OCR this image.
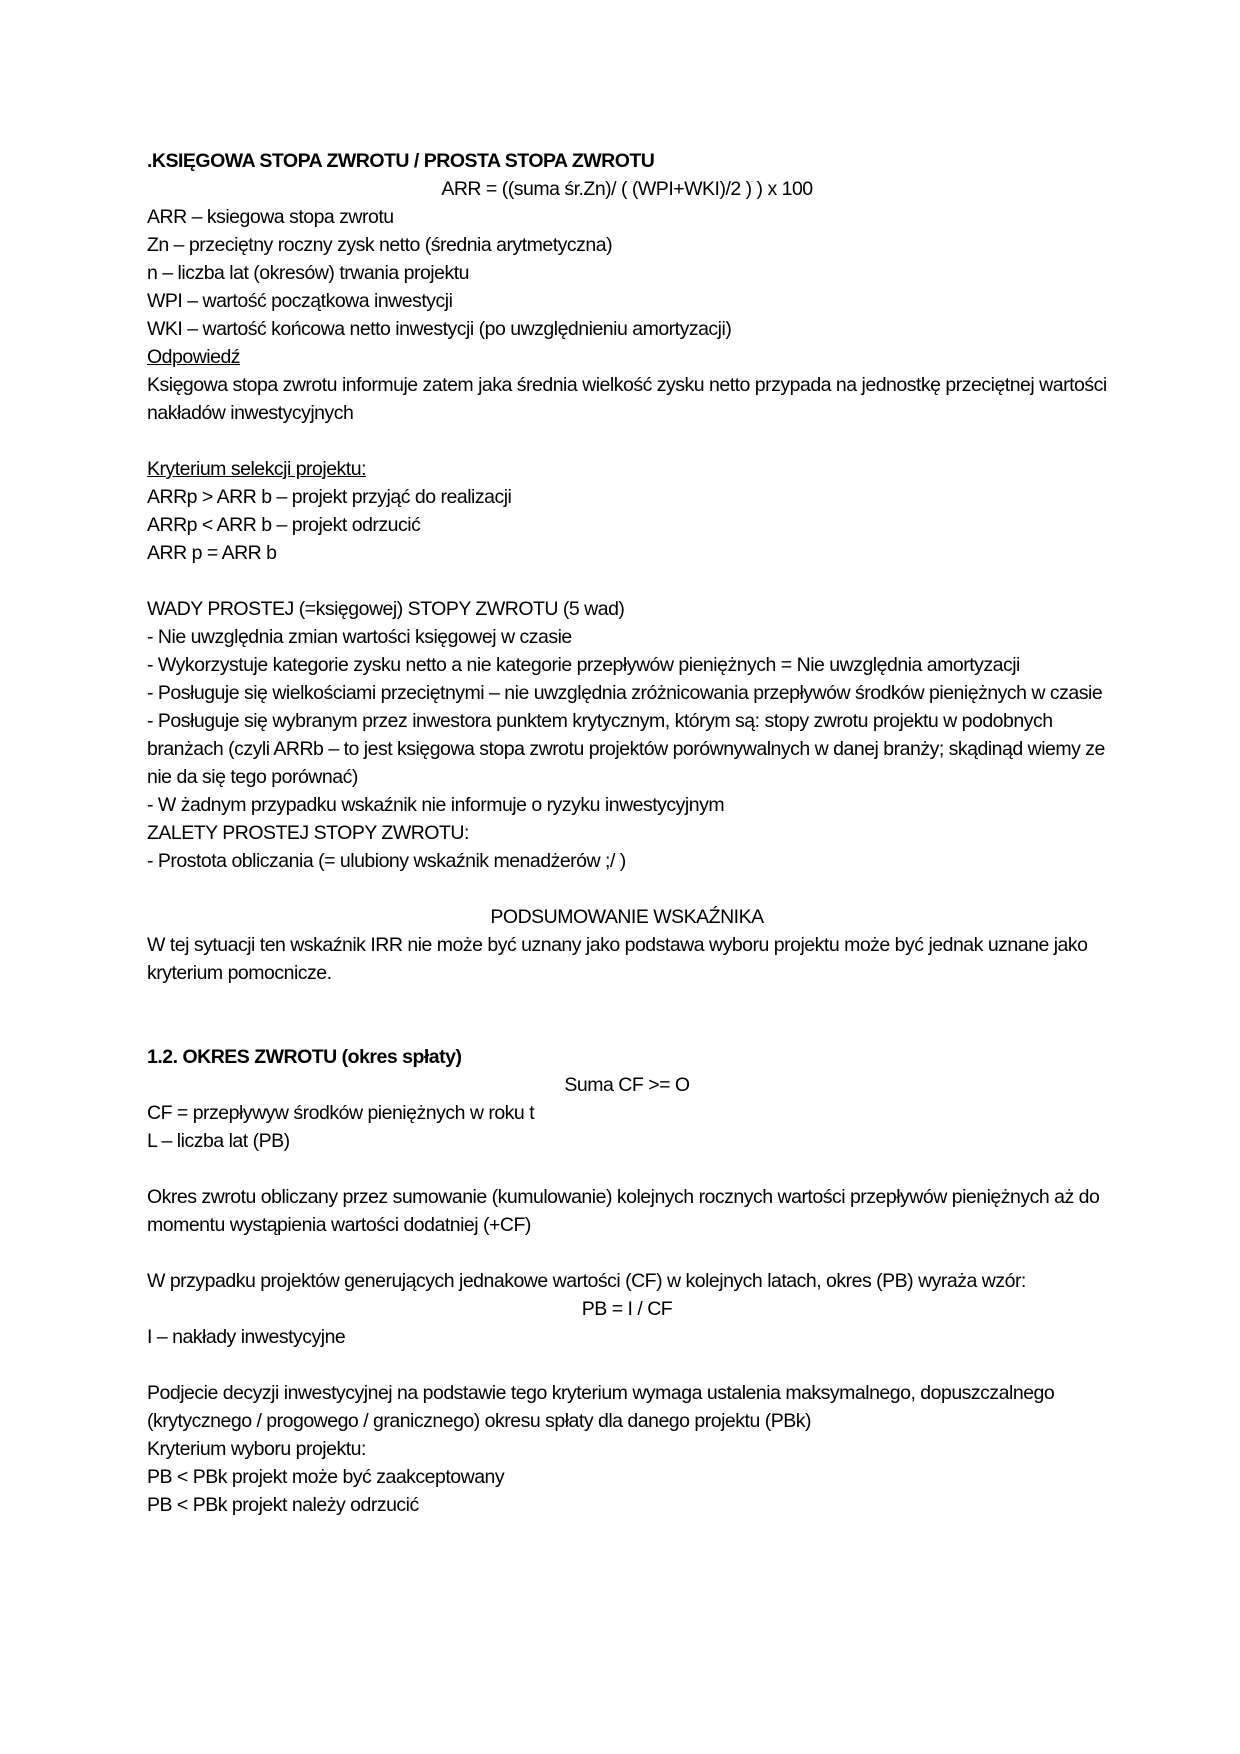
.KSIĘGOWA STOPA ZWROTU / PROSTA STOPA ZWROTU
ARR = ((suma śr.Zn)/ ( (WPI+WKI)/2 ) ) x 100
ARR – ksiegowa stopa zwrotu
Zn – przeciętny roczny zysk netto (średnia arytmetyczna)
n – liczba lat (okresów) trwania projektu
WPI – wartość początkowa inwestycji
WKI – wartość końcowa netto inwestycji (po uwzględnieniu amortyzacji)
Odpowiedź
Księgowa stopa zwrotu informuje zatem jaka średnia wielkość zysku netto przypada na jednostkę przeciętnej wartości nakładów inwestycyjnych
Kryterium selekcji projektu:
ARRp > ARR b – projekt przyjąć do realizacji
ARRp < ARR b – projekt odrzucić
ARR p = ARR b
WADY PROSTEJ (=księgowej) STOPY ZWROTU (5 wad)
- Nie uwzględnia zmian wartości księgowej w czasie
- Wykorzystuje kategorie zysku netto a nie kategorie przepływów pieniężnych = Nie uwzględnia amortyzacji
- Posługuje się wielkościami przeciętnymi – nie uwzględnia zróżnicowania przepływów środków pieniężnych w czasie
- Posługuje się wybranym przez inwestora punktem krytycznym, którym są: stopy zwrotu projektu w podobnych branżach (czyli ARRb – to jest księgowa stopa zwrotu projektów porównywalnych w danej branży; skądinąd wiemy ze nie da się tego porównać)
- W żadnym przypadku wskaźnik nie informuje o ryzyku inwestycyjnym
ZALETY PROSTEJ STOPY ZWROTU:
- Prostota obliczania (= ulubiony wskaźnik menadżerów ;/ )
PODSUMOWANIE WSKAŹNIKA
W tej sytuacji ten wskaźnik IRR nie może być uznany jako podstawa wyboru projektu może być jednak uznane jako kryterium pomocnicze.
1.2. OKRES ZWROTU (okres spłaty)
Suma CF >= O
CF = przepływyw środków pieniężnych w roku t
L – liczba lat (PB)
Okres zwrotu obliczany przez sumowanie (kumulowanie) kolejnych rocznych wartości przepływów pieniężnych aż do momentu wystąpienia wartości dodatniej (+CF)
W przypadku projektów generujących jednakowe wartości (CF) w kolejnych latach, okres (PB) wyraża wzór:
PB = I / CF
I – nakłady inwestycyjne
Podjecie decyzji inwestycyjnej na podstawie tego kryterium wymaga ustalenia maksymalnego, dopuszczalnego (krytycznego / progowego / granicznego) okresu spłaty dla danego projektu (PBk)
Kryterium wyboru projektu:
PB < PBk projekt może być zaakceptowany
PB < PBk projekt należy odrzucić
